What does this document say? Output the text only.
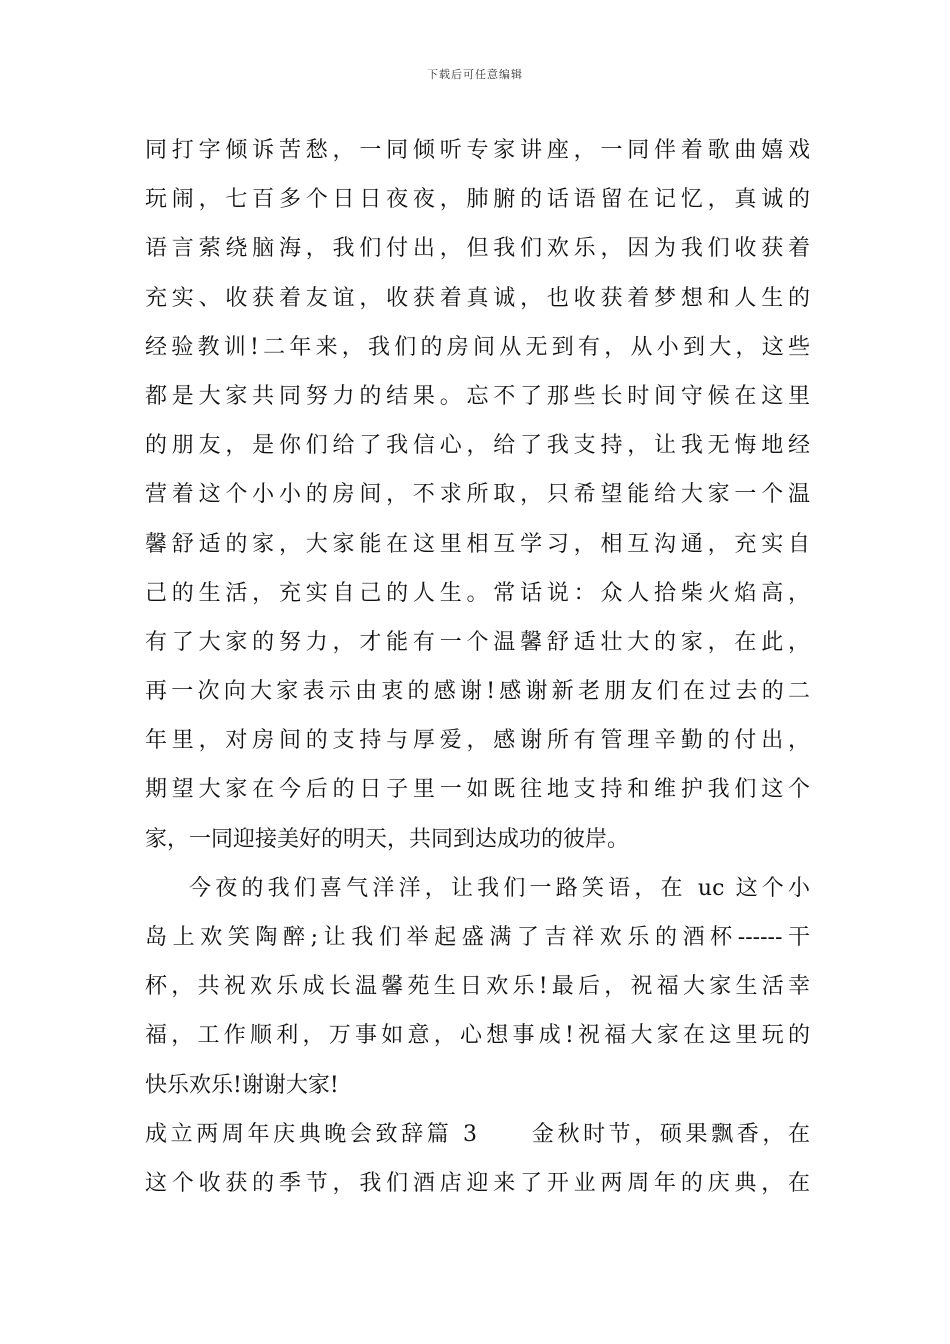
下载后可任意编辑
同打字倾诉苦愁，一同倾听专家讲座，一同伴着歌曲嬉戏
玩闹，七百多个日日夜夜，肺腑的话语留在记忆，真诚的
语言萦绕脑海，我们付出，但我们欢乐，因为我们收获着
充实、收获着友谊，收获着真诚，也收获着梦想和人生的
经验教训!二年来，我们的房间从无到有，从小到大，这些
都是大家共同努力的结果。忘不了那些长时间守候在这里
的朋友，是你们给了我信心，给了我支持，让我无悔地经
营着这个小小的房间，不求所取，只希望能给大家一个温
馨舒适的家，大家能在这里相互学习，相互沟通，充实自
己的生活，充实自己的人生。常话说：众人拾柴火焰高，
有了大家的努力，才能有一个温馨舒适壮大的家，在此，
再一次向大家表示由衷的感谢!感谢新老朋友们在过去的二
年里，对房间的支持与厚爱，感谢所有管理辛勤的付出，
期望大家在今后的日子里一如既往地支持和维护我们这个
家，一同迎接美好的明天，共同到达成功的彼岸。
今夜的我们喜气洋洋，让我们一路笑语，在 uc 这个小
岛上欢笑陶醉;让我们举起盛满了吉祥欢乐的酒杯------干
杯，共祝欢乐成长温馨苑生日欢乐!最后，祝福大家生活幸
福，工作顺利，万事如意，心想事成!祝福大家在这里玩的
快乐欢乐!谢谢大家!
成立两周年庆典晚会致辞篇 3　　金秋时节，硕果飘香，在
这个收获的季节，我们酒店迎来了开业两周年的庆典，在
